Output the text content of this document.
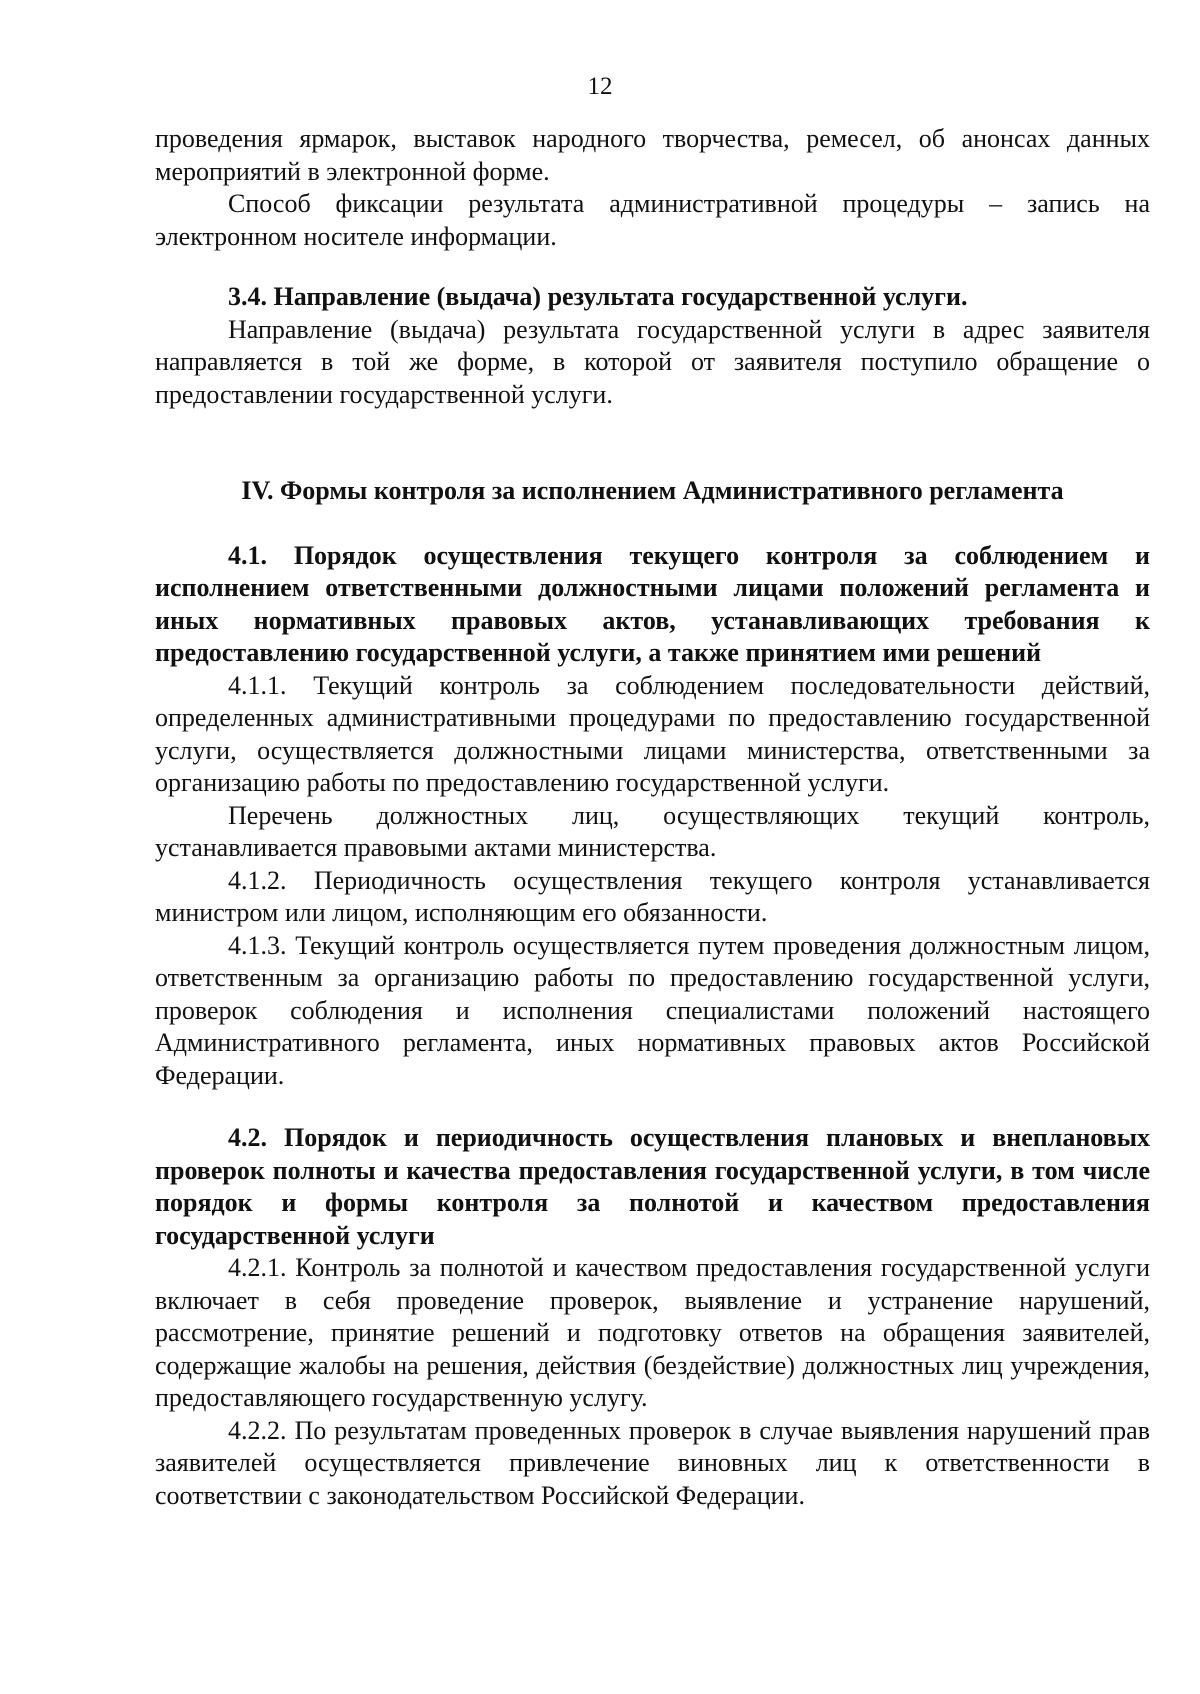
12

проведения ярмарок, выставок народного творчества, ремесел, об анонсах данных мероприятий в электронной форме.

Способ фиксации результата административной процедуры – запись на электронном носителе информации.

3.4. Направление (выдача) результата государственной услуги.

Направление (выдача) результата государственной услуги в адрес заявителя направляется в той же форме, в которой от заявителя поступило обращение о предоставлении государственной услуги.

IV. Формы контроля за исполнением Административного регламента

4.1. Порядок осуществления текущего контроля за соблюдением и исполнением ответственными должностными лицами положений регламента и иных нормативных правовых актов, устанавливающих требования к предоставлению государственной услуги, а также принятием ими решений

4.1.1. Текущий контроль за соблюдением последовательности действий, определенных административными процедурами по предоставлению государственной услуги, осуществляется должностными лицами министерства, ответственными за организацию работы по предоставлению государственной услуги.

Перечень должностных лиц, осуществляющих текущий контроль, устанавливается правовыми актами министерства.

4.1.2. Периодичность осуществления текущего контроля устанавливается министром или лицом, исполняющим его обязанности.

4.1.3. Текущий контроль осуществляется путем проведения должностным лицом, ответственным за организацию работы по предоставлению государственной услуги, проверок соблюдения и исполнения специалистами положений настоящего Административного регламента, иных нормативных правовых актов Российской Федерации.

4.2. Порядок и периодичность осуществления плановых и внеплановых проверок полноты и качества предоставления государственной услуги, в том числе порядок и формы контроля за полнотой и качеством предоставления государственной услуги

4.2.1. Контроль за полнотой и качеством предоставления государственной услуги включает в себя проведение проверок, выявление и устранение нарушений, рассмотрение, принятие решений и подготовку ответов на обращения заявителей, содержащие жалобы на решения, действия (бездействие) должностных лиц учреждения, предоставляющего государственную услугу.

4.2.2. По результатам проведенных проверок в случае выявления нарушений прав заявителей осуществляется привлечение виновных лиц к ответственности в соответствии с законодательством Российской Федерации.
